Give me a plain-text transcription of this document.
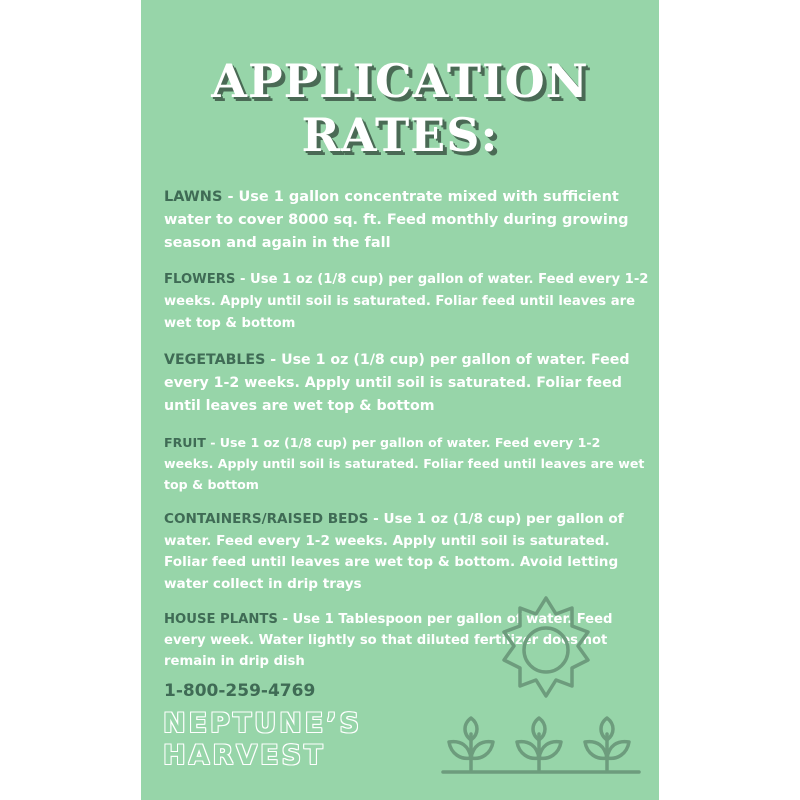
APPLICATION
RATES:

LAWNS - Use 1 gallon concentrate mixed with sufficient water to cover 8000 sq. ft. Feed monthly during growing season and again in the fall

FLOWERS - Use 1 oz (1/8 cup) per gallon of water. Feed every 1-2 weeks. Apply until soil is saturated. Foliar feed until leaves are wet top & bottom

VEGETABLES - Use 1 oz (1/8 cup) per gallon of water. Feed every 1-2 weeks. Apply until soil is saturated. Foliar feed until leaves are wet top & bottom

FRUIT - Use 1 oz (1/8 cup) per gallon of water. Feed every 1-2 weeks. Apply until soil is saturated. Foliar feed until leaves are wet top & bottom

CONTAINERS/RAISED BEDS - Use 1 oz (1/8 cup) per gallon of water. Feed every 1-2 weeks. Apply until soil is saturated. Foliar feed until leaves are wet top & bottom. Avoid letting water collect in drip trays

HOUSE PLANTS - Use 1 Tablespoon per gallon of water. Feed every week. Water lightly so that diluted fertilizer does not remain in drip dish

1-800-259-4769
NEPTUNE’S
HARVEST
